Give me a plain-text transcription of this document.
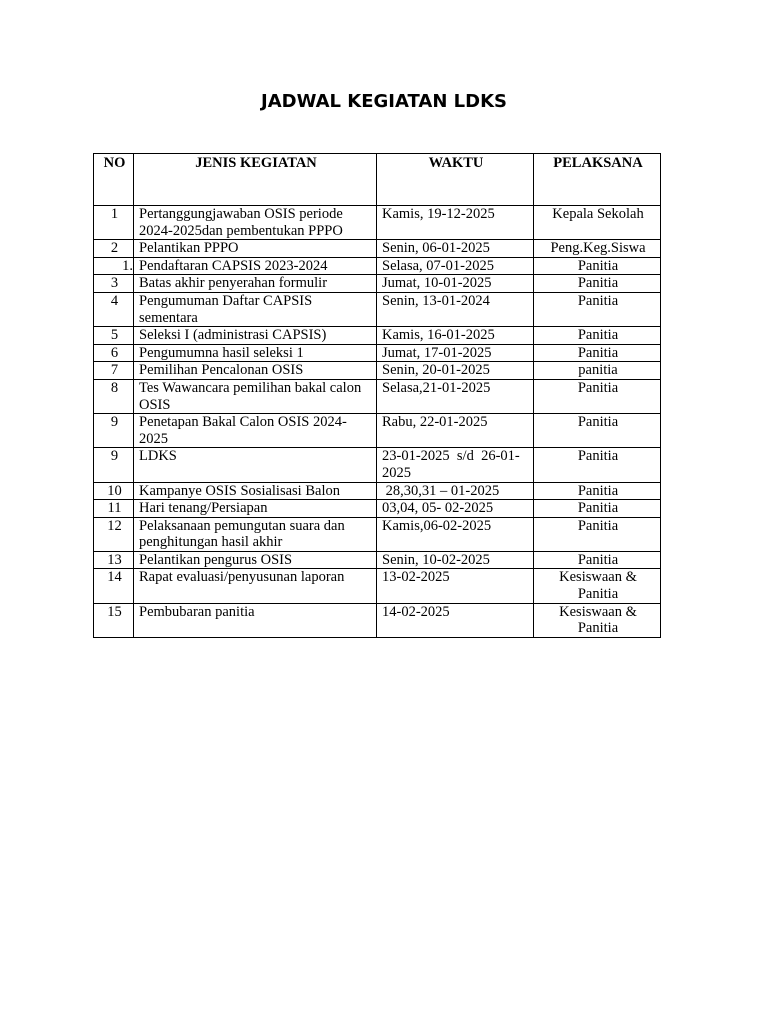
JADWAL KEGIATAN LDKS
NO	JENIS KEGIATAN	WAKTU	PELAKSANA
1	Pertanggungjawaban OSIS periode 2024-2025dan pembentukan PPPO	Kamis, 19-12-2025	Kepala Sekolah
2	Pelantikan PPPO	Senin, 06-01-2025	Peng.Keg.Siswa
1.	Pendaftaran CAPSIS 2023-2024	Selasa, 07-01-2025	Panitia
3	Batas akhir penyerahan formulir	Jumat, 10-01-2025	Panitia
4	Pengumuman Daftar CAPSIS sementara	Senin, 13-01-2024	Panitia
5	Seleksi I (administrasi CAPSIS)	Kamis, 16-01-2025	Panitia
6	Pengumumna hasil seleksi 1	Jumat, 17-01-2025	Panitia
7	Pemilihan Pencalonan OSIS	Senin, 20-01-2025	panitia
8	Tes Wawancara pemilihan bakal calon OSIS	Selasa,21-01-2025	Panitia
9	Penetapan Bakal Calon OSIS 2024-2025	Rabu, 22-01-2025	Panitia
9	LDKS	23-01-2025  s/d  26-01-2025	Panitia
10	Kampanye OSIS Sosialisasi Balon	28,30,31 – 01-2025	Panitia
11	Hari tenang/Persiapan	03,04, 05- 02-2025	Panitia
12	Pelaksanaan pemungutan suara dan penghitungan hasil akhir	Kamis,06-02-2025	Panitia
13	Pelantikan pengurus OSIS	Senin, 10-02-2025	Panitia
14	Rapat evaluasi/penyusunan laporan	13-02-2025	Kesiswaan & Panitia
15	Pembubaran panitia	14-02-2025	Kesiswaan & Panitia
